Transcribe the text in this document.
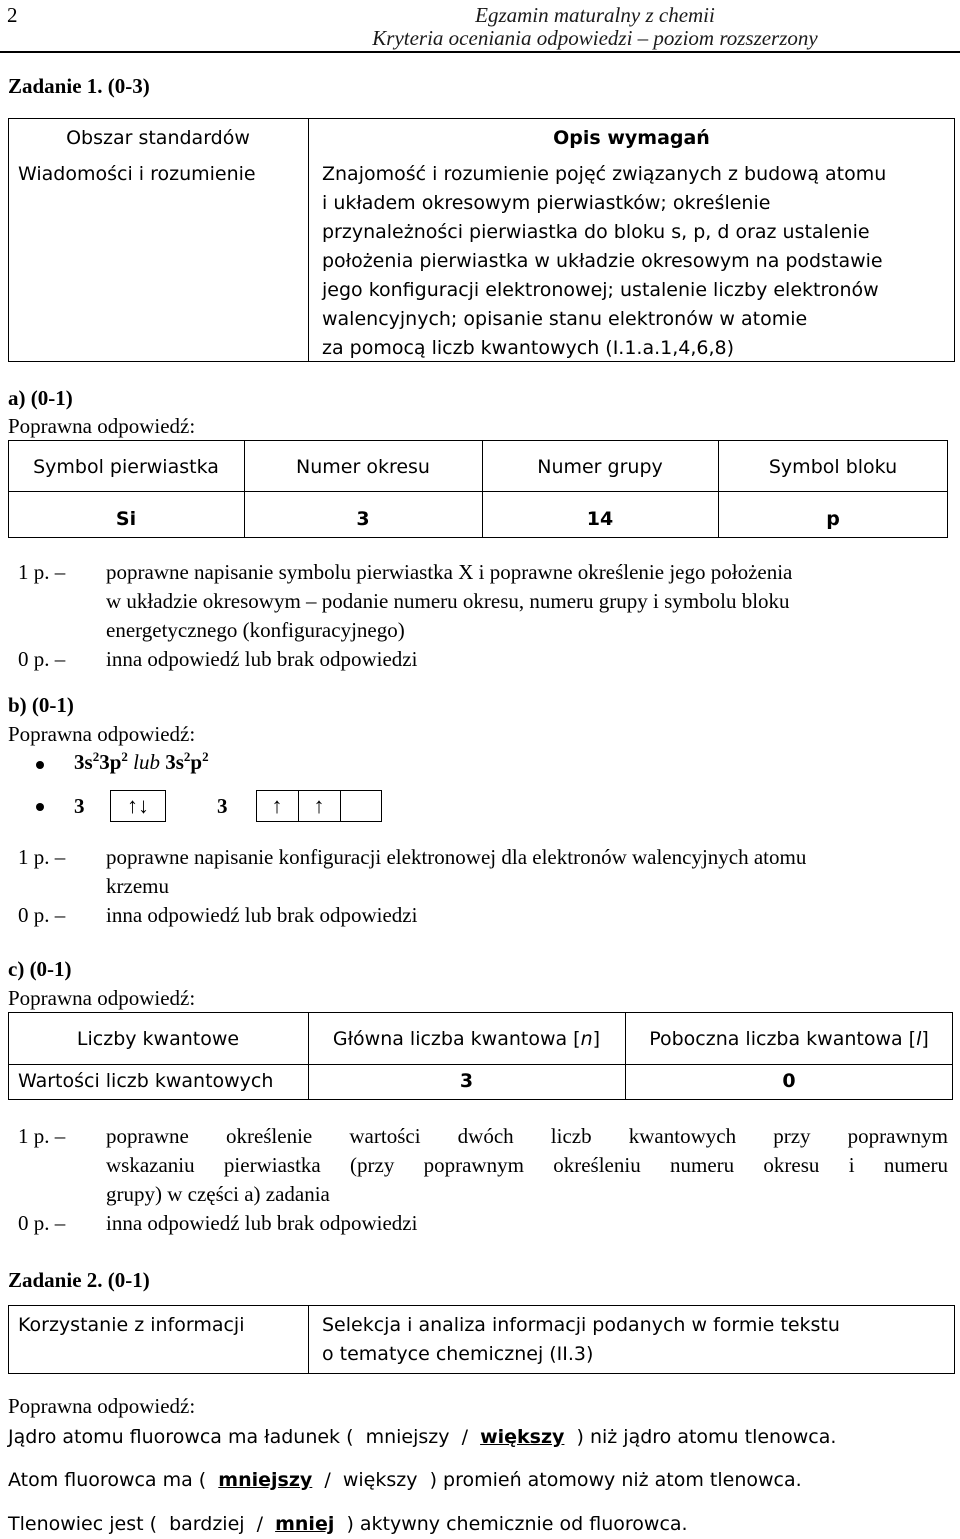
2	Egzamin maturalny z chemii
Kryteria oceniania odpowiedzi – poziom rozszerzony
Zadanie 1. (0-3)
Obszar standardów	Opis wymagań
Wiadomości i rozumienie	Znajomość i rozumienie pojęć związanych z budową atomu
i układem okresowym pierwiastków; określenie
przynależności pierwiastka do bloku s, p, d oraz ustalenie
położenia pierwiastka w układzie okresowym na podstawie
jego konfiguracji elektronowej; ustalenie liczby elektronów
walencyjnych; opisanie stanu elektronów w atomie
za pomocą liczb kwantowych (I.1.a.1,4,6,8)
a) (0-1)
Poprawna odpowiedź:
Symbol pierwiastka	Numer okresu	Numer grupy	Symbol bloku
Si	3	14	p
1 p. – poprawne napisanie symbolu pierwiastka X i poprawne określenie jego położenia
w układzie okresowym – podanie numeru okresu, numeru grupy i symbolu bloku
energetycznego (konfiguracyjnego)
0 p. – inna odpowiedź lub brak odpowiedzi
b) (0-1)
Poprawna odpowiedź:
$3s^23p^2$ lub $3s^2p^2$
3	↑↓	3	↑	↑
1 p. – poprawne napisanie konfiguracji elektronowej dla elektronów walencyjnych atomu
krzemu
0 p. – inna odpowiedź lub brak odpowiedzi
c) (0-1)
Poprawna odpowiedź:
Liczby kwantowe	Główna liczba kwantowa [n]	Poboczna liczba kwantowa [l]
Wartości liczb kwantowych	3	0
1 p. – poprawne określenie wartości dwóch liczb kwantowych przy poprawnym
wskazaniu pierwiastka (przy poprawnym określeniu numeru okresu i numeru
grupy) w części a) zadania
0 p. – inna odpowiedź lub brak odpowiedzi
Zadanie 2. (0-1)
Korzystanie z informacji	Selekcja i analiza informacji podanych w formie tekstu
o tematyce chemicznej (II.3)
Poprawna odpowiedź:
Jądro atomu fluorowca ma ładunek (  mniejszy  /  większy  ) niż jądro atomu tlenowca.
Atom fluorowca ma (  mniejszy  /  większy  ) promień atomowy niż atom tlenowca.
Tlenowiec jest (  bardziej  /  mniej  ) aktywny chemicznie od fluorowca.
